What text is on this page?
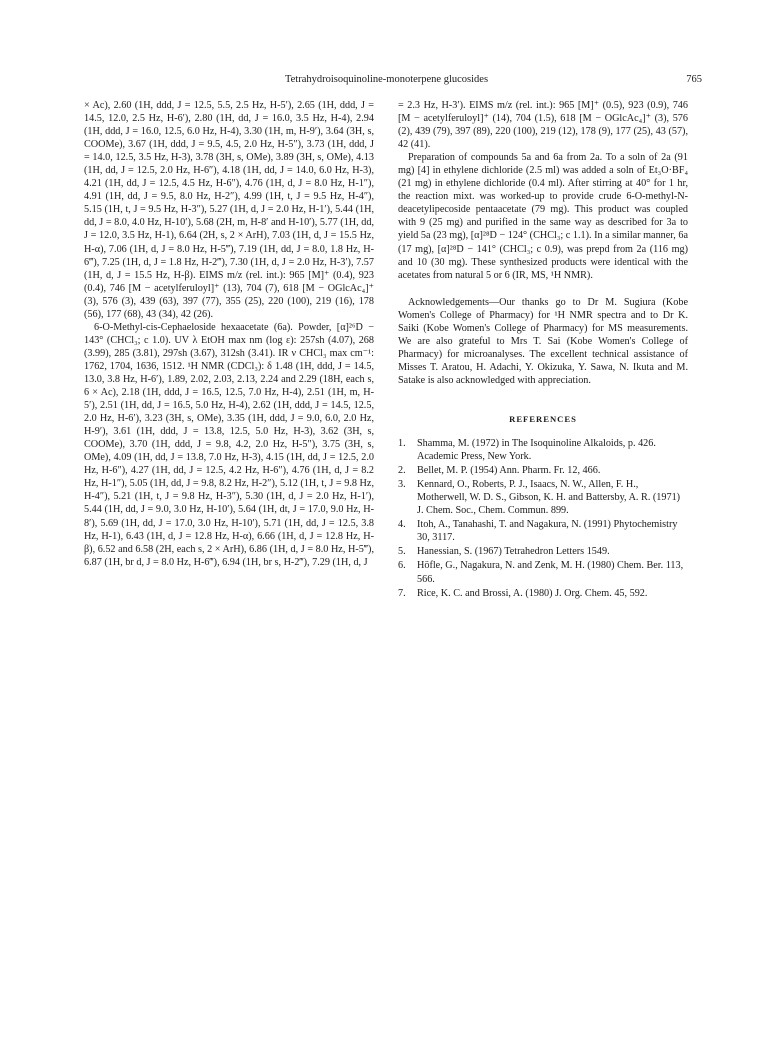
Tetrahydroisoquinoline-monoterpene glucosides	765

× Ac), 2.60 (1H, ddd, J = 12.5, 5.5, 2.5 Hz, H-5′), 2.65 (1H, ddd, J = 14.5, 12.0, 2.5 Hz, H-6′), 2.80 (1H, dd, J = 16.0, 3.5 Hz, H-4), 2.94 (1H, ddd, J = 16.0, 12.5, 6.0 Hz, H-4), 3.30 (1H, m, H-9′), 3.64 (3H, s, COOMe), 3.67 (1H, ddd, J = 9.5, 4.5, 2.0 Hz, H-5″), 3.73 (1H, ddd, J = 14.0, 12.5, 3.5 Hz, H-3), 3.78 (3H, s, OMe), 3.89 (3H, s, OMe), 4.13 (1H, dd, J = 12.5, 2.0 Hz, H-6″), 4.18 (1H, dd, J = 14.0, 6.0 Hz, H-3), 4.21 (1H, dd, J = 12.5, 4.5 Hz, H-6″), 4.76 (1H, d, J = 8.0 Hz, H-1″), 4.91 (1H, dd, J = 9.5, 8.0 Hz, H-2″), 4.99 (1H, t, J = 9.5 Hz, H-4″), 5.15 (1H, t, J = 9.5 Hz, H-3″), 5.27 (1H, d, J = 2.0 Hz, H-1′), 5.44 (1H, dd, J = 8.0, 4.0 Hz, H-10′), 5.68 (2H, m, H-8′ and H-10′), 5.77 (1H, dd, J = 12.0, 3.5 Hz, H-1), 6.64 (2H, s, 2 × ArH), 7.03 (1H, d, J = 15.5 Hz, H-α), 7.06 (1H, d, J = 8.0 Hz, H-5‴), 7.19 (1H, dd, J = 8.0, 1.8 Hz, H-6‴), 7.25 (1H, d, J = 1.8 Hz, H-2‴), 7.30 (1H, d, J = 2.0 Hz, H-3′), 7.57 (1H, d, J = 15.5 Hz, H-β). EIMS m/z (rel. int.): 965 [M]⁺ (0.4), 923 (0.4), 746 [M − acetylferuloyl]⁺ (13), 704 (7), 618 [M − OGlcAc₄]⁺ (3), 576 (3), 439 (63), 397 (77), 355 (25), 220 (100), 219 (16), 178 (56), 177 (68), 43 (34), 42 (26).

6-O-Methyl-cis-Cephaeloside hexaacetate (6a). Powder, [α]²⁶D − 143° (CHCl₃; c 1.0). UV λ EtOH max nm (log ε): 257sh (4.07), 268 (3.99), 285 (3.81), 297sh (3.67), 312sh (3.41). IR ν CHCl₃ max cm⁻¹: 1762, 1704, 1636, 1512. ¹H NMR (CDCl₃): δ 1.48 (1H, ddd, J = 14.5, 13.0, 3.8 Hz, H-6′), 1.89, 2.02, 2.03, 2.13, 2.24 and 2.29 (18H, each s, 6 × Ac), 2.18 (1H, ddd, J = 16.5, 12.5, 7.0 Hz, H-4), 2.51 (1H, m, H-5′), 2.51 (1H, dd, J = 16.5, 5.0 Hz, H-4), 2.62 (1H, ddd, J = 14.5, 12.5, 2.0 Hz, H-6′), 3.23 (3H, s, OMe), 3.35 (1H, ddd, J = 9.0, 6.0, 2.0 Hz, H-9′), 3.61 (1H, ddd, J = 13.8, 12.5, 5.0 Hz, H-3), 3.62 (3H, s, COOMe), 3.70 (1H, ddd, J = 9.8, 4.2, 2.0 Hz, H-5″), 3.75 (3H, s, OMe), 4.09 (1H, dd, J = 13.8, 7.0 Hz, H-3), 4.15 (1H, dd, J = 12.5, 2.0 Hz, H-6″), 4.27 (1H, dd, J = 12.5, 4.2 Hz, H-6″), 4.76 (1H, d, J = 8.2 Hz, H-1″), 5.05 (1H, dd, J = 9.8, 8.2 Hz, H-2″), 5.12 (1H, t, J = 9.8 Hz, H-4″), 5.21 (1H, t, J = 9.8 Hz, H-3″), 5.30 (1H, d, J = 2.0 Hz, H-1′), 5.44 (1H, dd, J = 9.0, 3.0 Hz, H-10′), 5.64 (1H, dt, J = 17.0, 9.0 Hz, H-8′), 5.69 (1H, dd, J = 17.0, 3.0 Hz, H-10′), 5.71 (1H, dd, J = 12.5, 3.8 Hz, H-1), 6.43 (1H, d, J = 12.8 Hz, H-α), 6.66 (1H, d, J = 12.8 Hz, H-β), 6.52 and 6.58 (2H, each s, 2 × ArH), 6.86 (1H, d, J = 8.0 Hz, H-5‴), 6.87 (1H, br d, J = 8.0 Hz, H-6‴), 6.94 (1H, br s, H-2‴), 7.29 (1H, d, J

= 2.3 Hz, H-3′). EIMS m/z (rel. int.): 965 [M]⁺ (0.5), 923 (0.9), 746 [M − acetylferuloyl]⁺ (14), 704 (1.5), 618 [M − OGlcAc₄]⁺ (3), 576 (2), 439 (79), 397 (89), 220 (100), 219 (12), 178 (9), 177 (25), 43 (57), 42 (41).

Preparation of compounds 5a and 6a from 2a. To a soln of 2a (91 mg) [4] in ethylene dichloride (2.5 ml) was added a soln of Et₃O·BF₄ (21 mg) in ethylene dichloride (0.4 ml). After stirring at 40° for 1 hr, the reaction mixt. was worked-up to provide crude 6-O-methyl-N-deacetylipecoside pentaacetate (79 mg). This product was coupled with 9 (25 mg) and purified in the same way as described for 3a to yield 5a (23 mg), [α]²⁸D − 124° (CHCl₃; c 1.1). In a similar manner, 6a (17 mg), [α]²⁸D − 141° (CHCl₃; c 0.9), was prepd from 2a (116 mg) and 10 (30 mg). These synthesized products were identical with the acetates from natural 5 or 6 (IR, MS, ¹H NMR).

Acknowledgements—Our thanks go to Dr M. Sugiura (Kobe Women's College of Pharmacy) for ¹H NMR spectra and to Dr K. Saiki (Kobe Women's College of Pharmacy) for MS measurements. We are also grateful to Mrs T. Sai (Kobe Women's College of Pharmacy) for microanalyses. The excellent technical assistance of Misses T. Aratou, H. Adachi, Y. Okizuka, Y. Sawa, N. Ikuta and M. Satake is also acknowledged with appreciation.

REFERENCES
1. Shamma, M. (1972) in The Isoquinoline Alkaloids, p. 426. Academic Press, New York.
2. Bellet, M. P. (1954) Ann. Pharm. Fr. 12, 466.
3. Kennard, O., Roberts, P. J., Isaacs, N. W., Allen, F. H., Motherwell, W. D. S., Gibson, K. H. and Battersby, A. R. (1971) J. Chem. Soc., Chem. Commun. 899.
4. Itoh, A., Tanahashi, T. and Nagakura, N. (1991) Phytochemistry 30, 3117.
5. Hanessian, S. (1967) Tetrahedron Letters 1549.
6. Höfle, G., Nagakura, N. and Zenk, M. H. (1980) Chem. Ber. 113, 566.
7. Rice, K. C. and Brossi, A. (1980) J. Org. Chem. 45, 592.
